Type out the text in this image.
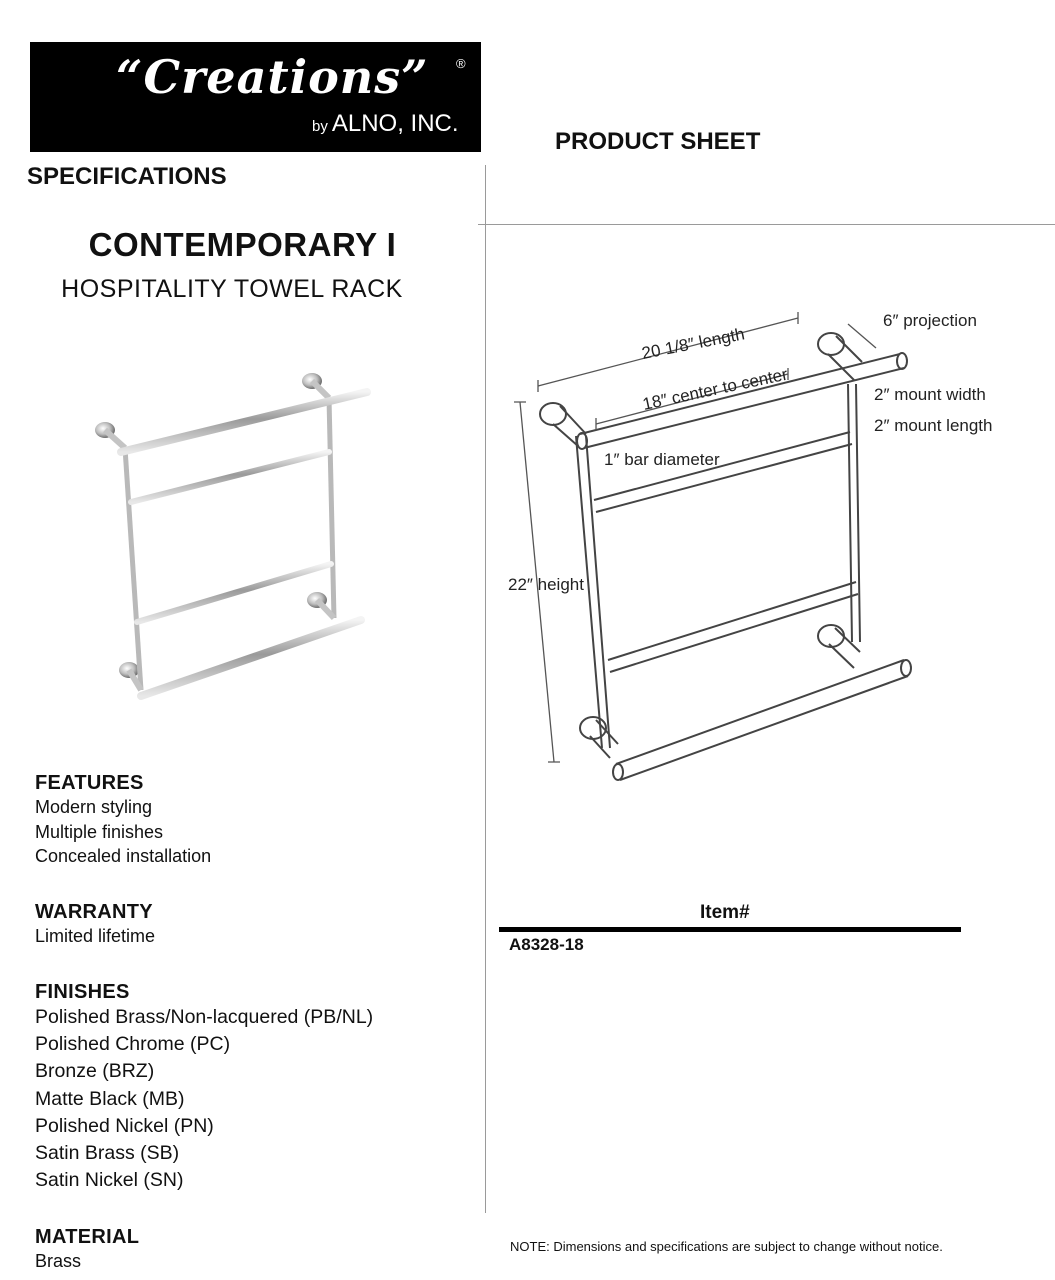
“Creations”	®
by ALNO, INC.
PRODUCT SHEET
SPECIFICATIONS
CONTEMPORARY I
HOSPITALITY TOWEL RACK
6″ projection
20 1/8″ length
18″ center to center	2″ mount width
2″ mount length
1″ bar diameter
22″ height
FEATURES
Modern styling
Multiple finishes
Concealed installation
WARRANTY
Limited lifetime
FINISHES
Polished Brass/Non-lacquered (PB/NL)
Polished Chrome (PC)
Bronze (BRZ)
Matte Black (MB)
Polished Nickel (PN)
Satin Brass (SB)
Satin Nickel (SN)
MATERIAL
Brass
Item#
A8328-18
NOTE: Dimensions and specifications are subject to change without notice.
